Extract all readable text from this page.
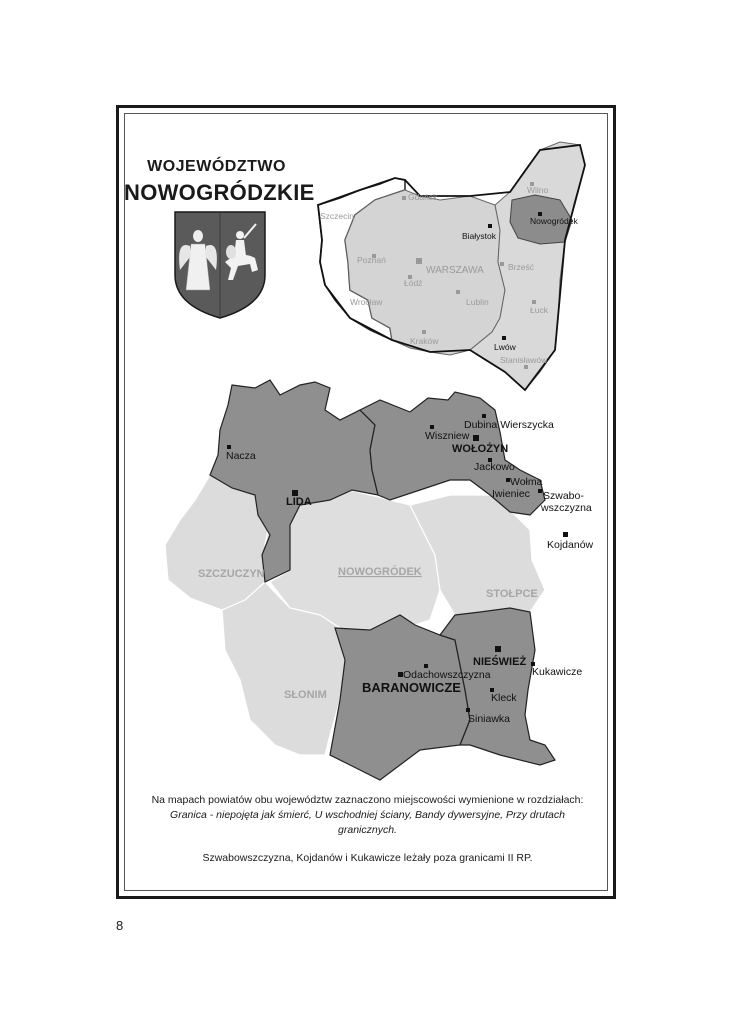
WOJEWÓDZTWO
NOWOGRÓDZKIE	Gdańsk
Szczecin
Wilno
Poznań
WARSZAWA
Łódź
Wrocław	Lublin
Brześć
Łuck
Kraków
Stanisławów
Białystok
Nowogródek
Lwów
SZCZUCZYN	NOWOGRÓDEK
STOŁPCE
SŁONIM
LIDA
WOŁOŻYN
NIEŚWIEŻ
BARANOWICZE
Nacza
Dubina Wierszycka
Wiszniew
Jackowo
Wołma
Iwieniec Szwabo-
wszczyzna
Kojdanów
Odachowszczyzna
Kleck
Kukawicze
Siniawka
Na mapach powiatów obu województw zaznaczono miejscowości wymienione w rozdziałach:
Granica - niepojęta jak śmierć, U wschodniej ściany, Bandy dywersyjne, Przy drutach
granicznych.
Szwabowszczyzna, Kojdanów i Kukawicze leżały poza granicami II RP.
8
